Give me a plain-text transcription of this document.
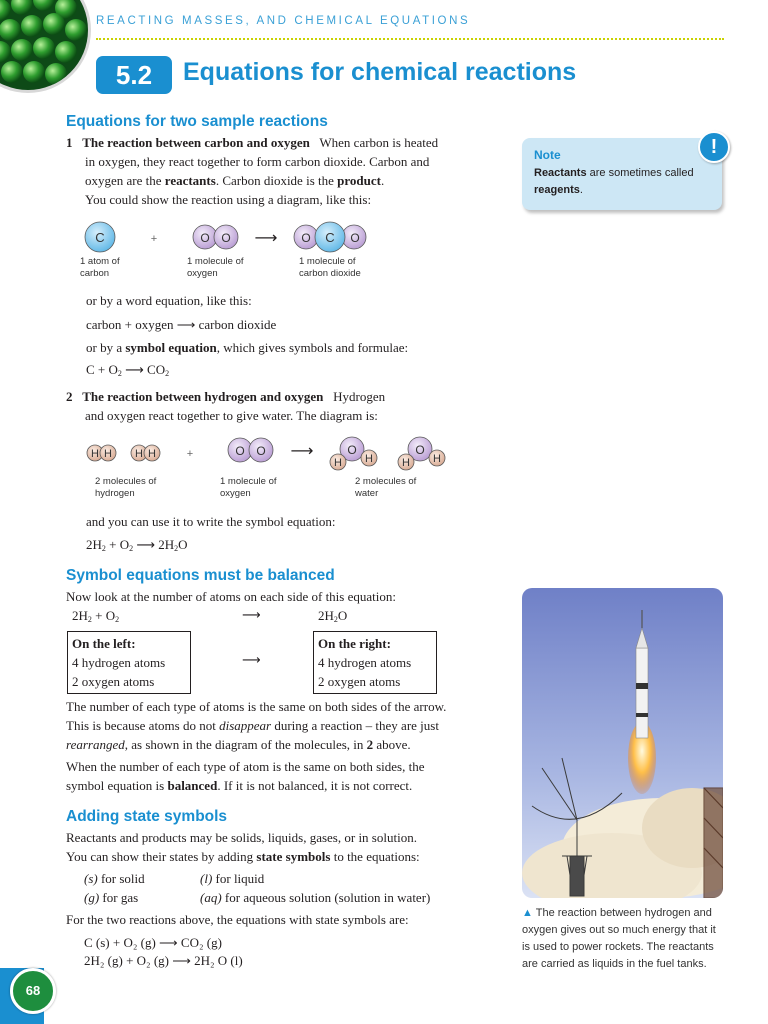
REACTING MASSES, AND CHEMICAL EQUATIONS
5.2	Equations for chemical reactions
Equations for two sample reactions
1 The reaction between carbon and oxygen When carbon is heated
in oxygen, they react together to form carbon dioxide. Carbon and
oxygen are the reactants. Carbon dioxide is the product.
You could show the reaction using a diagram, like this:
C	+	O O ⟶ O C O
1 atom of
carbon
1 molecule of
oxygen
1 molecule of
carbon dioxide
or by a word equation, like this:
carbon + oxygen ⟶ carbon dioxide
or by a symbol equation, which gives symbols and formulae:
$C + O_2$ ⟶ $CO_2$
2 The reaction between hydrogen and oxygen Hydrogen
and oxygen react together to give water. The diagram is:
H H H H	+	O O ⟶	O
H H
O
H H
2 molecules of
hydrogen
1 molecule of
oxygen
2 molecules of
water
and you can use it to write the symbol equation:
$2H_2 + O_2$ ⟶ $2H_2O$
Note
Reactants are sometimes called
reagents.
!
Symbol equations must be balanced
Now look at the number of atoms on each side of this equation:
$2H_2 + O_2$	⟶	$2H_2O$
On the left:
4 hydrogen atoms
2 oxygen atoms
⟶
On the right:
4 hydrogen atoms
2 oxygen atoms
The number of each type of atoms is the same on both sides of the arrow.
This is because atoms do not disappear during a reaction – they are just
rearranged, as shown in the diagram of the molecules, in 2 above.
When the number of each type of atom is the same on both sides, the
symbol equation is balanced. If it is not balanced, it is not correct.
Adding state symbols
Reactants and products may be solids, liquids, gases, or in solution.
You can show their states by adding state symbols to the equations:
(s) for solid	(l) for liquid
(g) for gas	(aq) for aqueous solution (solution in water)
For the two reactions above, the equations with state symbols are:
C (s) + O₂ (g) ⟶ CO₂ (g)
2H₂ (g) + O₂ (g) ⟶ 2H₂ O (l)
▲ The reaction between hydrogen and
oxygen gives out so much energy that it
is used to power rockets. The reactants
are carried as liquids in the fuel tanks.
68
